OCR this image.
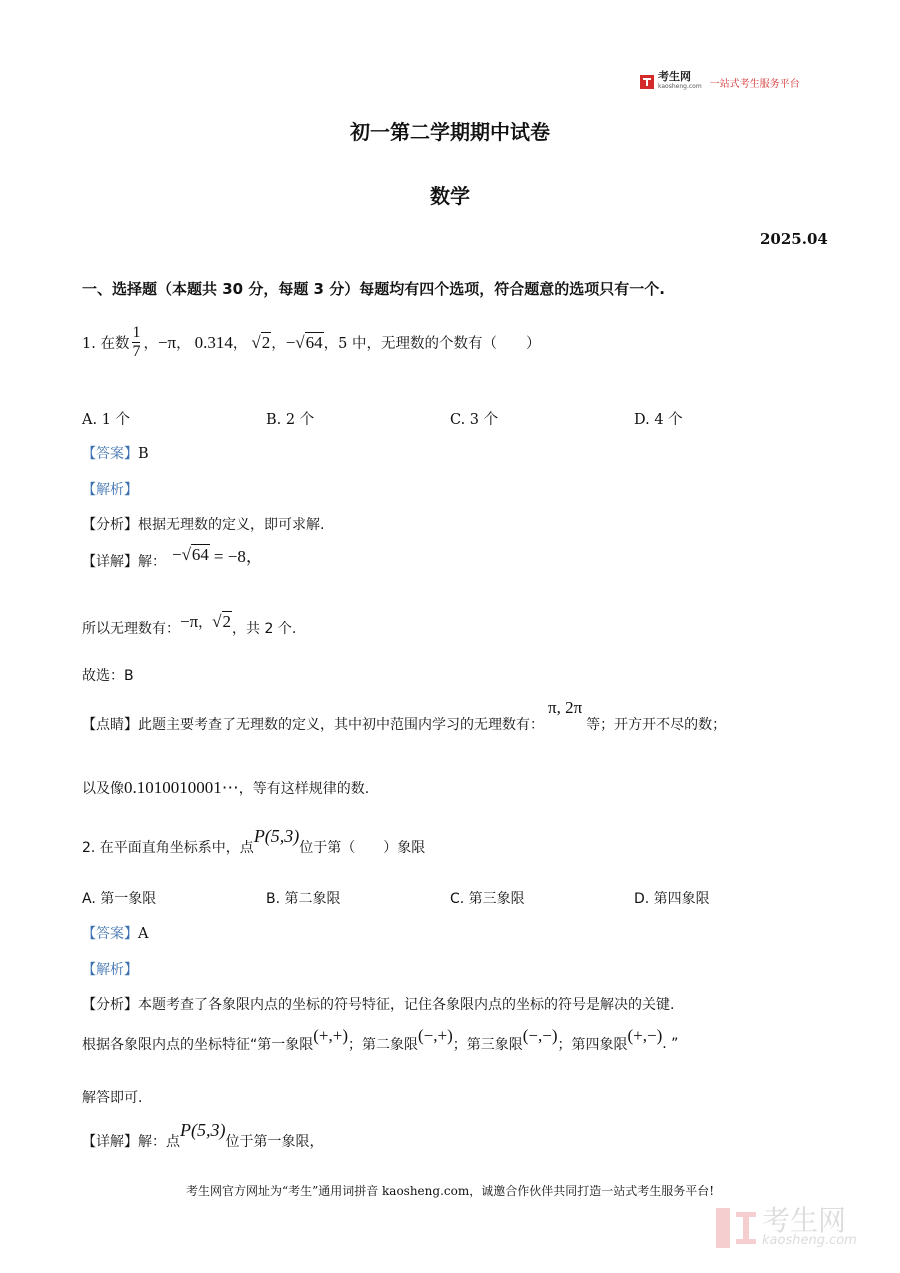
考生网
kaosheng.com 一站式考生服务平台
初一第二学期期中试卷
数学
2025.04
一、选择题（本题共 30 分，每题 3 分）每题均有四个选项，符合题意的选项只有一个.
1. 在数 $\frac{1}{7}$ ， −π ， 0.314 ， √2 ， −√64 ，5 中，无理数的个数有（　　）
A. 1 个	B. 2 个	C. 3 个	D. 4 个
【答案】B
【解析】
【分析】根据无理数的定义，即可求解.
【详解】解： −√64 = −8，
所以无理数有： −π ， √2 ，共 2 个.
故选：B
【点睛】此题主要考查了无理数的定义，其中初中范围内学习的无理数有：
π, 2π
等；开方开不尽的数；
以及像 0.1010010001⋯ ，等有这样规律的数.
2. 在平面直角坐标系中，点
P(5,3)
位于第（　　）象限
A. 第一象限	B. 第二象限	C. 第三象限	D. 第四象限
【答案】A
【解析】
【分析】本题考查了各象限内点的坐标的符号特征，记住各象限内点的坐标的符号是解决的关键.
根据各象限内点的坐标特征“第一象限 (+,+) ；第二象限 (−,+) ；第三象限 (−,−) ；第四象限 (+,−) . ”
解答即可.
【详解】解：点
P(5,3)
位于第一象限，
考生网官方网址为“考生”通用词拼音 kaosheng.com，诚邀合作伙伴共同打造一站式考生服务平台!
考生网
kaosheng.com
